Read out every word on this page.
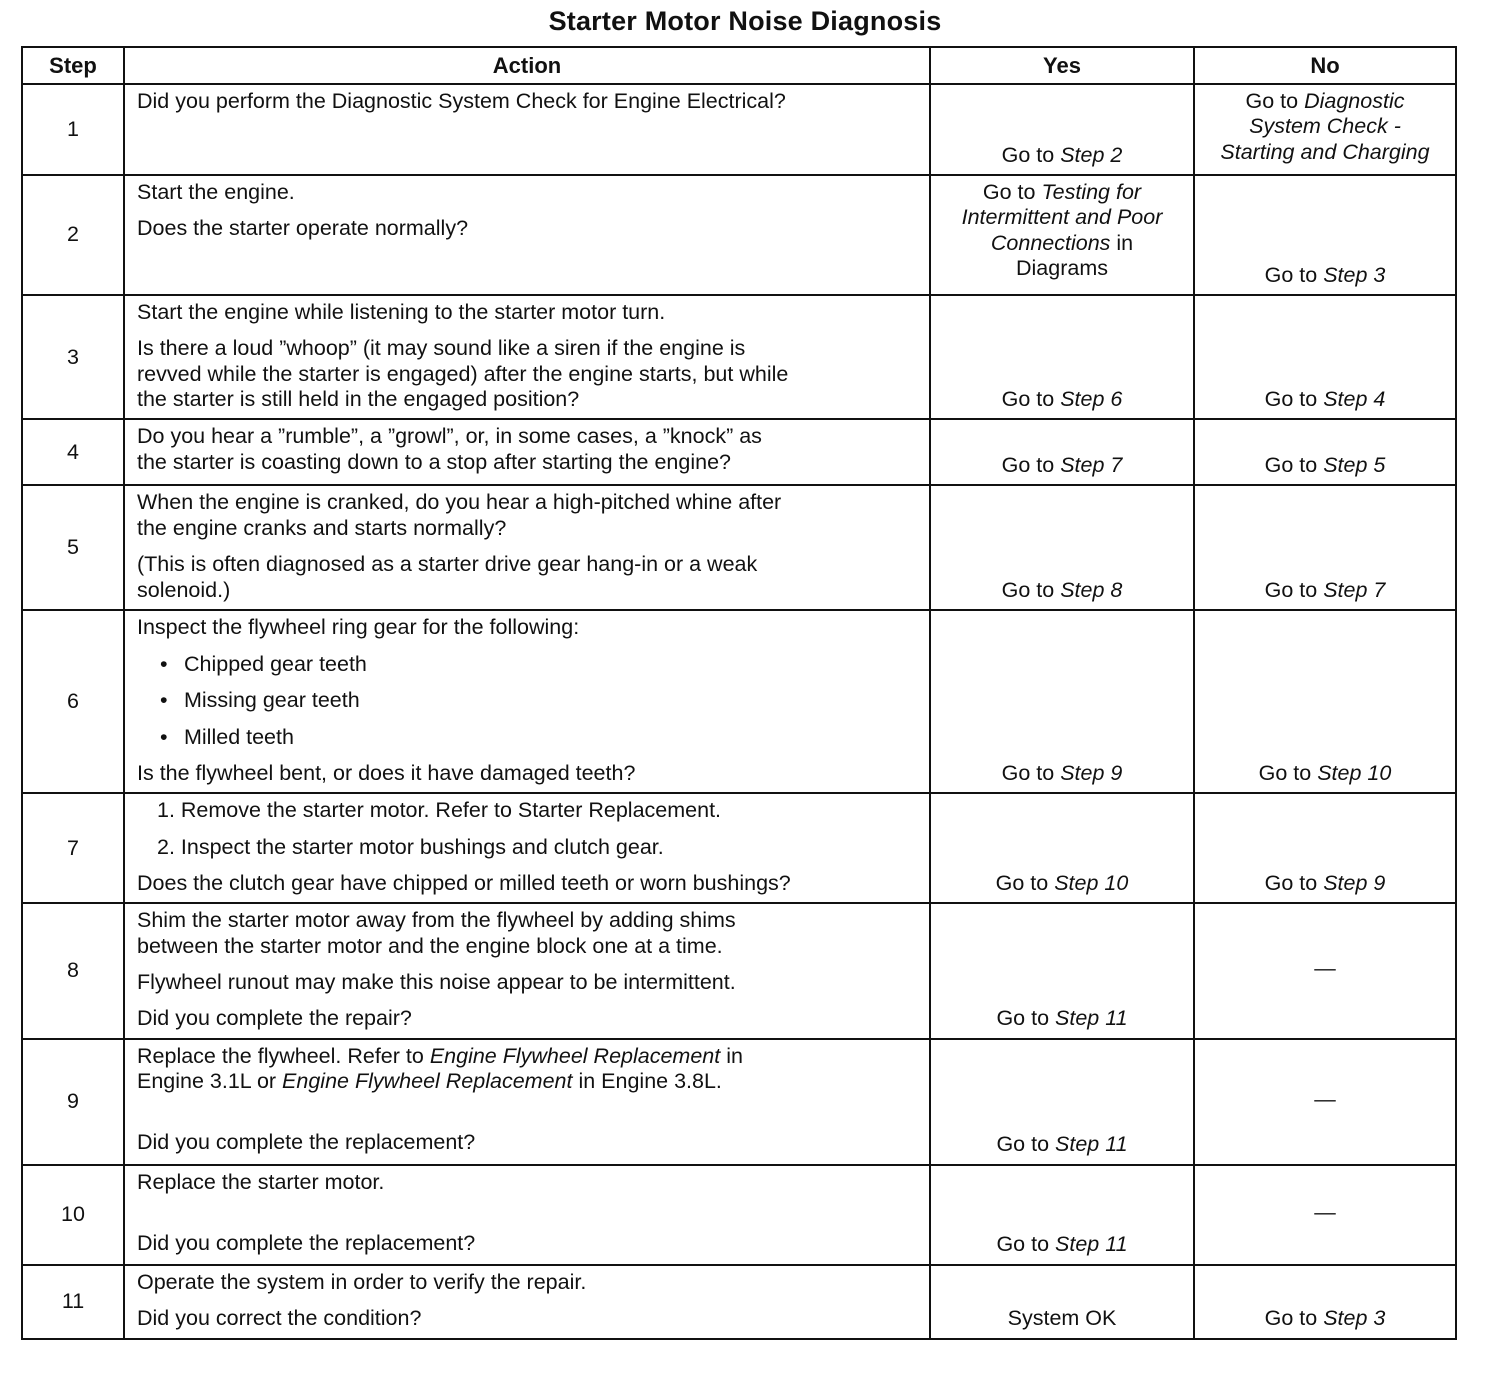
Starter Motor Noise Diagnosis
Step	Action	Yes	No
1	Did you perform the Diagnostic System Check for Engine Electrical?	Go to Step 2	Go to Diagnostic
System Check -
Starting and Charging

2	Start the engine.
Does the starter operate normally?	Go to Testing for
Intermittent and Poor
Connections in
Diagrams	Go to Step 3
3	Start the engine while listening to the starter motor turn.
Is there a loud ”whoop” (it may sound like a siren if the engine is
revved while the starter is engaged) after the engine starts, but while
the starter is still held in the engaged position?	Go to Step 6	Go to Step 4
4	Do you hear a ”rumble”, a ”growl”, or, in some cases, a ”knock” as
the starter is coasting down to a stop after starting the engine?	Go to Step 7	Go to Step 5
5	When the engine is cranked, do you hear a high-pitched whine after
the engine cranks and starts normally?
(This is often diagnosed as a starter drive gear hang-in or a weak
solenoid.)	Go to Step 8	Go to Step 7
6	Inspect the flywheel ring gear for the following:
• Chipped gear teeth
• Missing gear teeth
• Milled teeth
Is the flywheel bent, or does it have damaged teeth?	Go to Step 9	Go to Step 10
7	1. Remove the starter motor. Refer to Starter Replacement.
2. Inspect the starter motor bushings and clutch gear.
Does the clutch gear have chipped or milled teeth or worn bushings?	Go to Step 10	Go to Step 9
8	Shim the starter motor away from the flywheel by adding shims
between the starter motor and the engine block one at a time.
Flywheel runout may make this noise appear to be intermittent.
Did you complete the repair?	Go to Step 11	—
9	Replace the flywheel. Refer to Engine Flywheel Replacement in
Engine 3.1L or Engine Flywheel Replacement in Engine 3.8L.
Did you complete the replacement?	Go to Step 11	—
10	Replace the starter motor.
Did you complete the replacement?	Go to Step 11	—
11	Operate the system in order to verify the repair.
Did you correct the condition?	System OK	Go to Step 3
